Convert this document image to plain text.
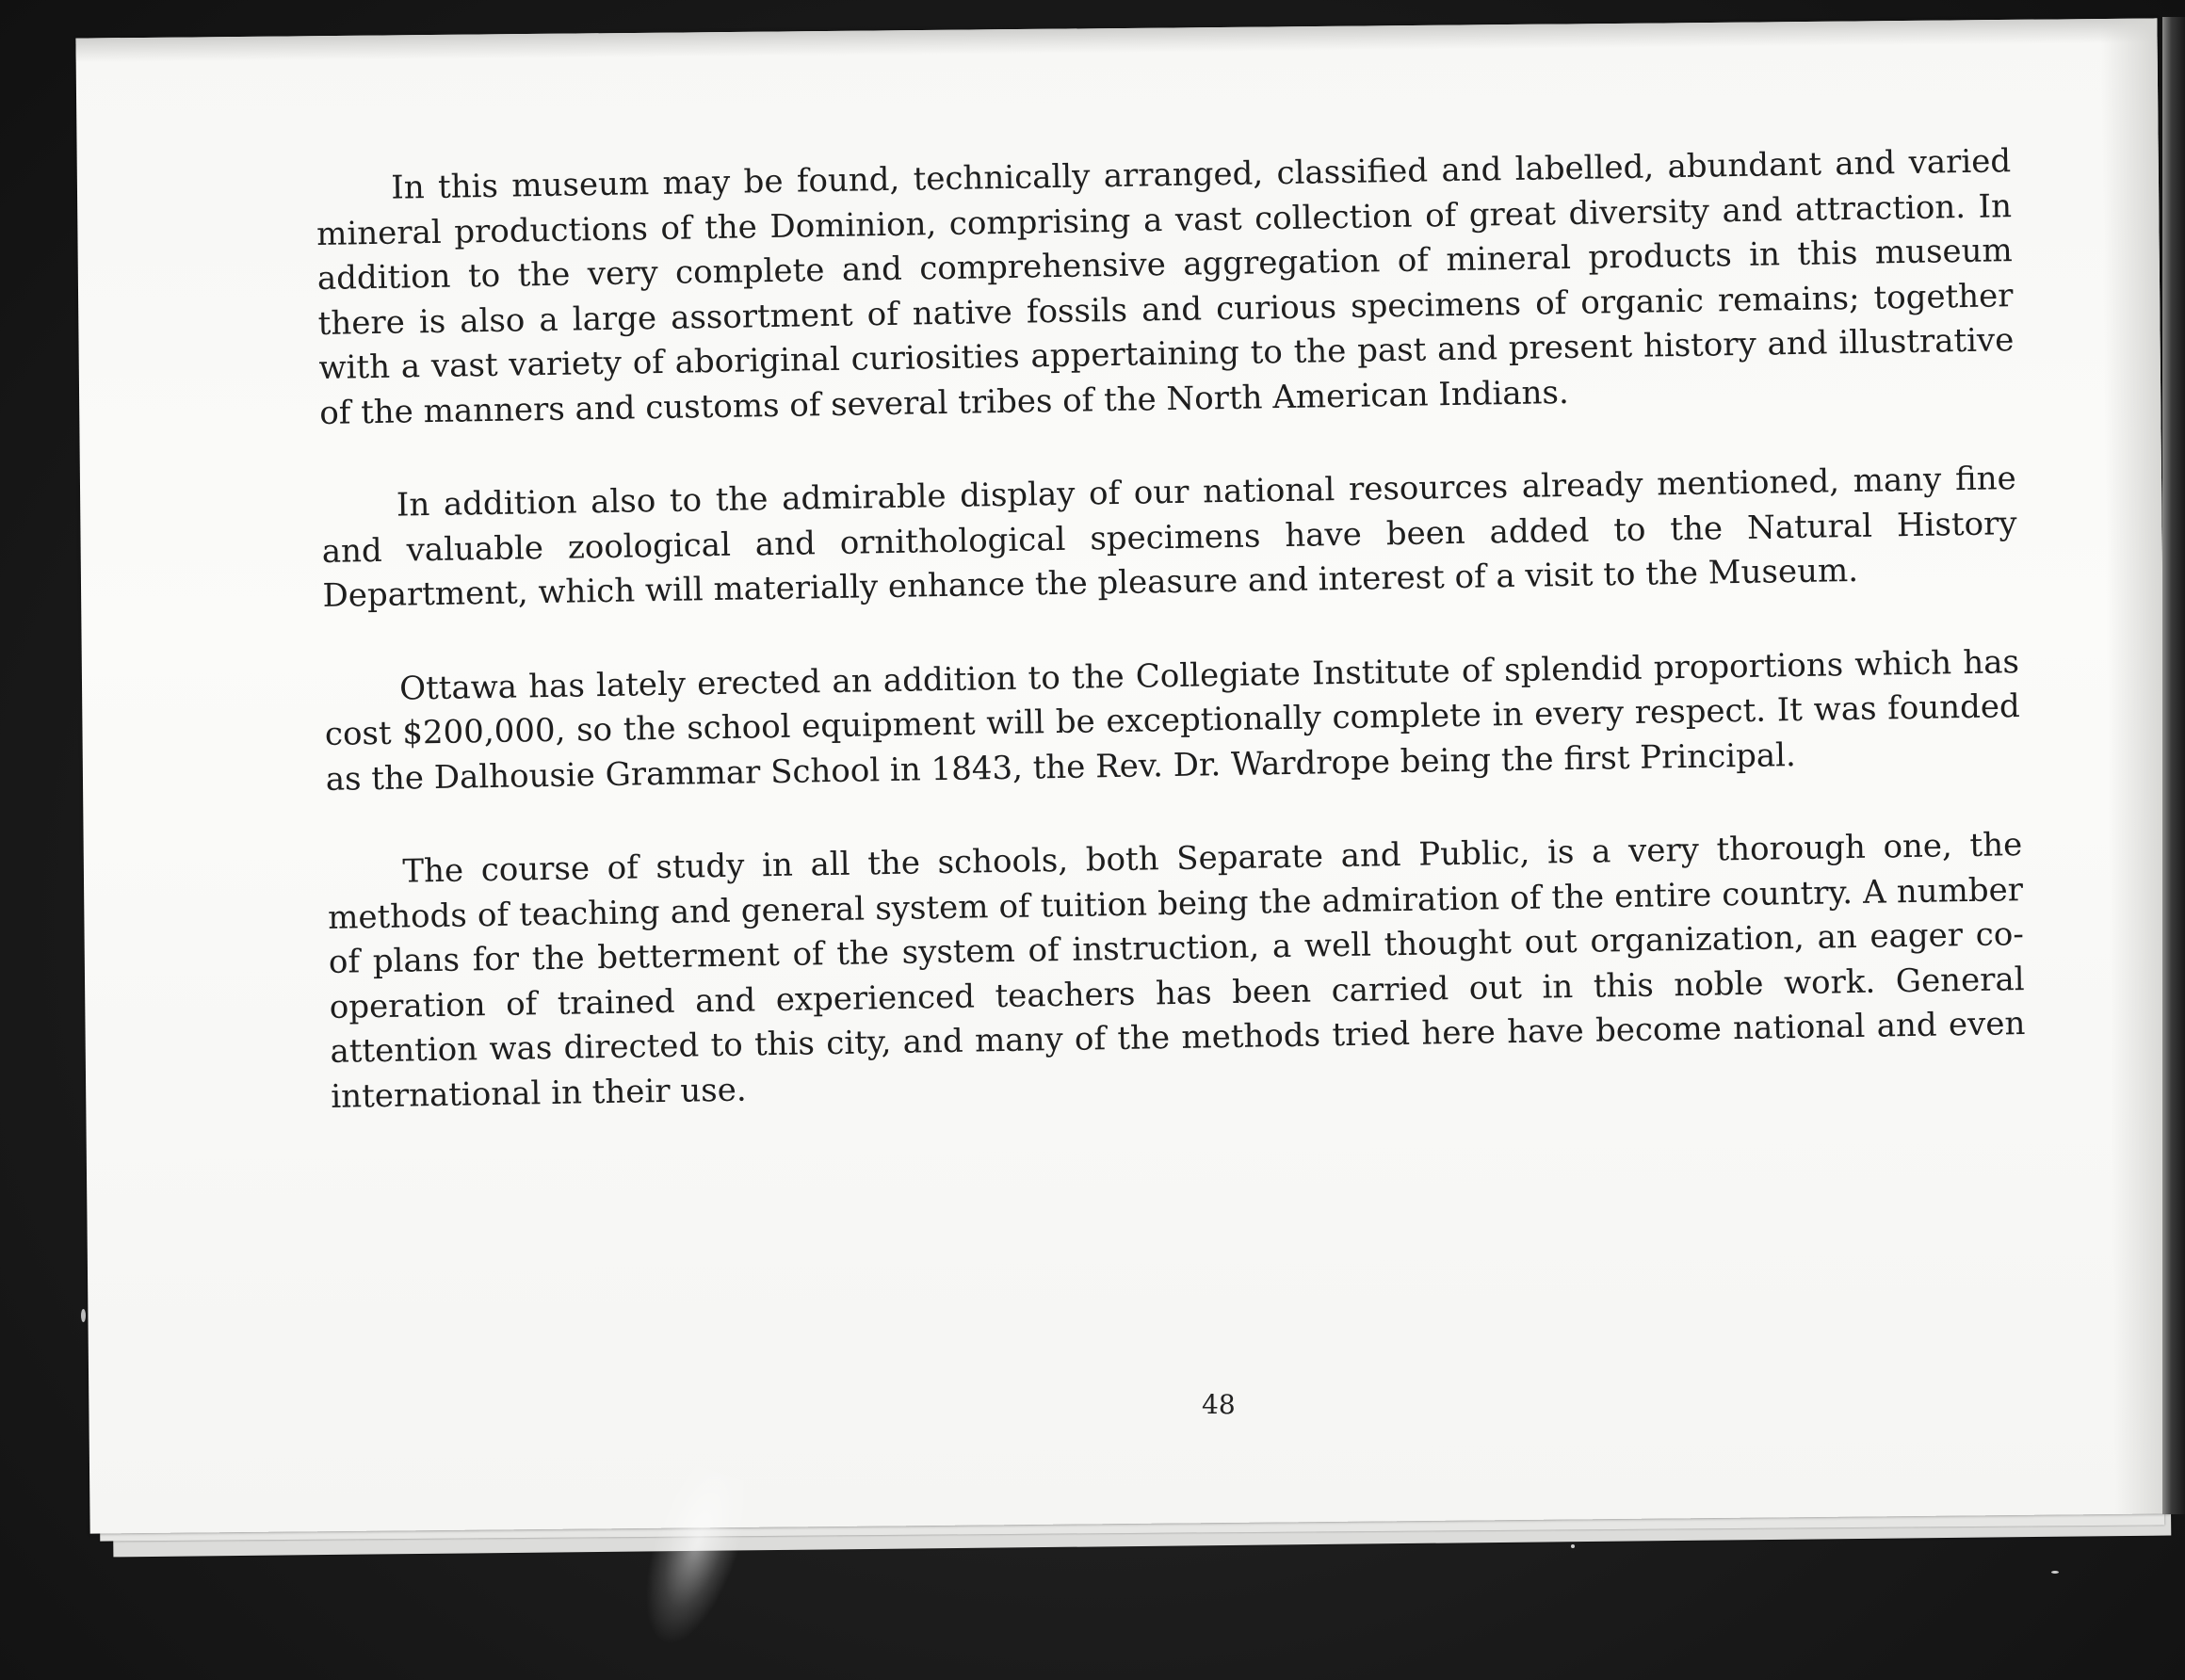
In this museum may be found, technically arranged, classified and labelled, abundant and varied mineral productions of the Dominion, comprising a vast collection of great diversity and attraction. In addition to the very complete and comprehensive aggregation of mineral products in this museum there is also a large assortment of native fossils and curious specimens of organic remains; together with a vast variety of aboriginal curiosities appertaining to the past and present history and illustrative of the manners and customs of several tribes of the North American Indians.

In addition also to the admirable display of our national resources already mentioned, many fine and valuable zoological and ornithological specimens have been added to the Natural History Department, which will materially enhance the pleasure and interest of a visit to the Museum.

Ottawa has lately erected an addition to the Collegiate Institute of splendid proportions which has cost $200,000, so the school equipment will be exceptionally complete in every respect. It was founded as the Dalhousie Grammar School in 1843, the Rev. Dr. Wardrope being the first Principal.

The course of study in all the schools, both Separate and Public, is a very thorough one, the methods of teaching and general system of tuition being the admiration of the entire country. A number of plans for the betterment of the system of instruction, a well thought out organization, an eager co-operation of trained and experienced teachers has been carried out in this noble work. General attention was directed to this city, and many of the methods tried here have become national and even international in their use.

48
